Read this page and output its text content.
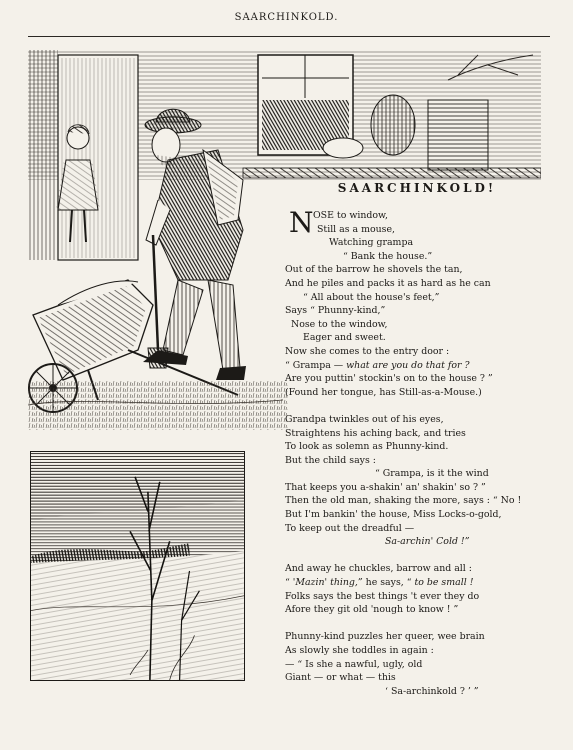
SAARCHINKOLD.
SAARCHINKOLD!
N OSE to window,
Still as a mouse,
Watching grampa
“ Bank the house.”
Out of the barrow he shovels the tan,
And he piles and packs it as hard as he can
“ All about the house's feet,”
Says “ Phunny-kind,”
Nose to the window,
Eager and sweet.
Now she comes to the entry door :
“ Grampa — what are you do that for ?
Are you puttin' stockin's on to the house ? ”
(Found her tongue, has Still-as-a-Mouse.)
Grandpa twinkles out of his eyes,
Straightens his aching back, and tries
To look as solemn as Phunny-kind.
But the child says :
“ Grampa, is it the wind
That keeps you a-shakin' an' shakin' so ? ”
Then the old man, shaking the more, says : “ No !
But I'm bankin' the house, Miss Locks-o-gold,
To keep out the dreadful —
Sa-archin' Cold !”
And away he chuckles, barrow and all :
“ 'Mazin' thing,” he says, “ to be small !
Folks says the best things 't ever they do
Afore they git old 'nough to know ! ”
Phunny-kind puzzles her queer, wee brain
As slowly she toddles in again :
— “ Is she a nawful, ugly, old
Giant — or what — this
‘ Sa-archinkold ? ’ ”
